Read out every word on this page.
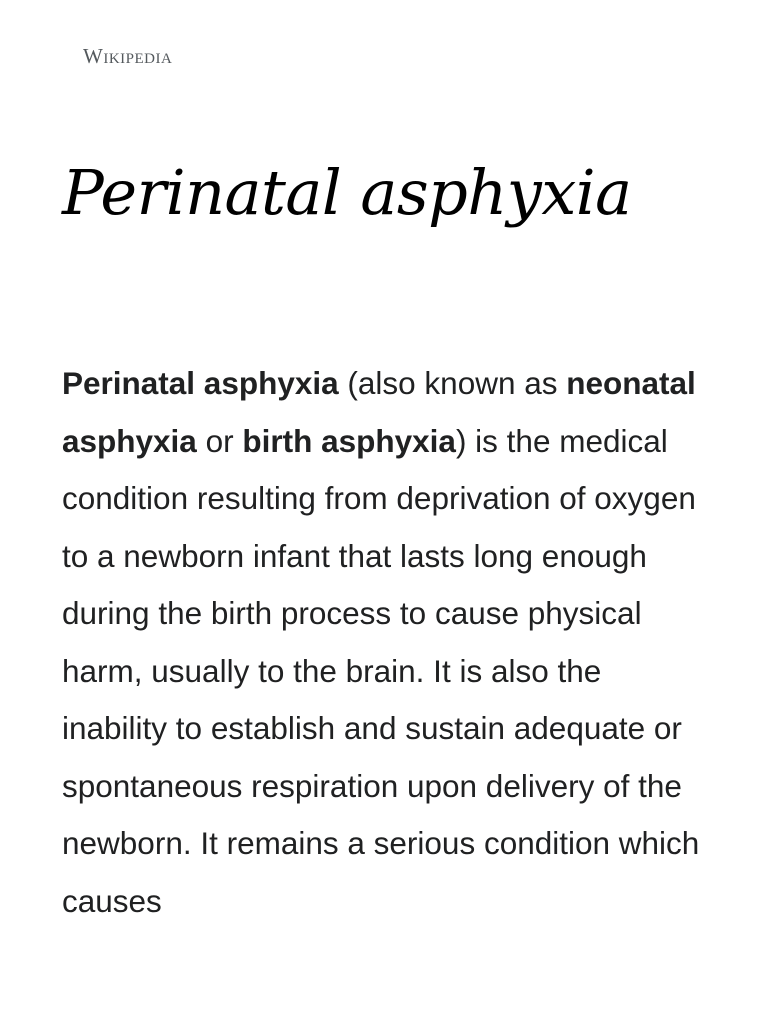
Wikipedia
Perinatal asphyxia

Perinatal asphyxia (also known as neonatal asphyxia or birth asphyxia) is the medical condition resulting from deprivation of oxygen to a newborn infant that lasts long enough during the birth process to cause physical harm, usually to the brain. It is also the inability to establish and sustain adequate or spontaneous respiration upon delivery of the newborn. It remains a serious condition which causes
